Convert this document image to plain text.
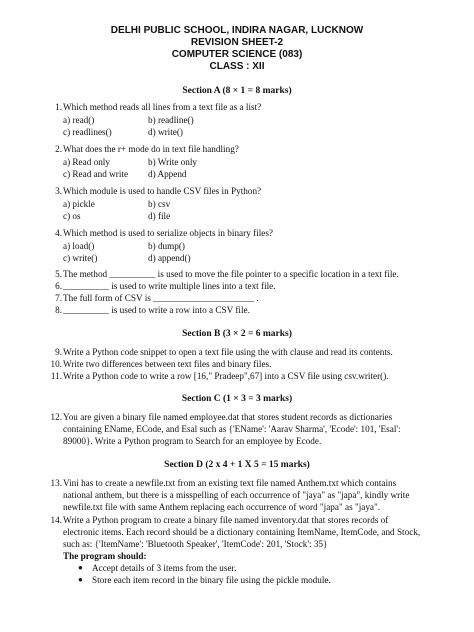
DELHI PUBLIC SCHOOL, INDIRA NAGAR, LUCKNOW
REVISION SHEET-2
COMPUTER SCIENCE (083)
CLASS : XII
Section A (8 × 1 = 8 marks)
1. Which method reads all lines from a text file as a list?
a) read()	b) readline()
c) readlines()	d) write()
2. What does the r+ mode do in text file handling?
a) Read only	b) Write only
c) Read and write d) Append
3. Which module is used to handle CSV files in Python?
a) pickle	b) csv
c) os	d) file
4. Which method is used to serialize objects in binary files?
a) load()	b) dump()
c) write()	d) append()
5. The method __________ is used to move the file pointer to a specific location in a text file.
6. __________ is used to write multiple lines into a text file.
7. The full form of CSV is ______________________ .
8. __________ is used to write a row into a CSV file.
Section B (3 × 2 = 6 marks)
9. Write a Python code snippet to open a text file using the with clause and read its contents.
10. Write two differences between text files and binary files.
11. Write a Python code to write a row [16," Pradeep",67] into a CSV file using csv.writer().
Section C (1 × 3 = 3 marks)
12. You are given a binary file named employee.dat that stores student records as dictionaries
containing EName, ECode, and Esal such as {'EName': 'Aarav Sharma', 'Ecode': 101, 'Esal':
89000}. Write a Python program to Search for an employee by Ecode.
Section D (2 x 4 + 1 X 5 = 15 marks)
13. Vini has to create a newfile.txt from an existing text file named Anthem.txt which contains
national anthem, but there is a misspelling of each occurrence of "jaya" as "japa", kindly write
newfile.txt file with same Anthem replacing each occurrence of word "japa" as "jaya".
14. Write a Python program to create a binary file named inventory.dat that stores records of
electronic items. Each record should be a dictionary containing ItemName, ItemCode, and Stock,
such as: {'ItemName': 'Bluetooth Speaker', 'ItemCode': 201, 'Stock': 35}
The program should:
● Accept details of 3 items from the user.
● Store each item record in the binary file using the pickle module.
